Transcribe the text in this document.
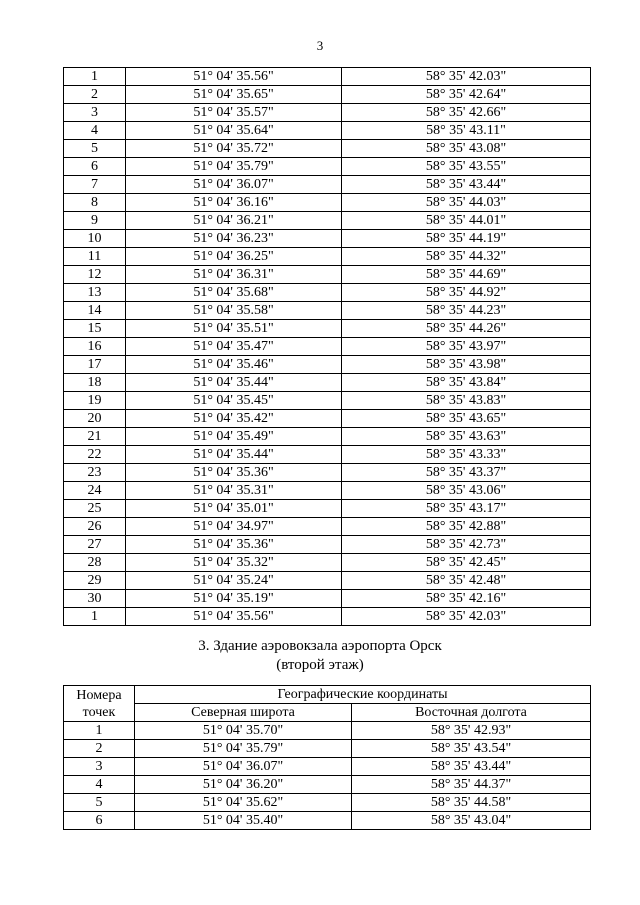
3
1	51° 04' 35.56"	58° 35' 42.03"
2	51° 04' 35.65"	58° 35' 42.64"
3	51° 04' 35.57"	58° 35' 42.66"
4	51° 04' 35.64"	58° 35' 43.11"
5	51° 04' 35.72"	58° 35' 43.08"
6	51° 04' 35.79"	58° 35' 43.55"
7	51° 04' 36.07"	58° 35' 43.44"
8	51° 04' 36.16"	58° 35' 44.03"
9	51° 04' 36.21"	58° 35' 44.01"
10	51° 04' 36.23"	58° 35' 44.19"
11	51° 04' 36.25"	58° 35' 44.32"
12	51° 04' 36.31"	58° 35' 44.69"
13	51° 04' 35.68"	58° 35' 44.92"
14	51° 04' 35.58"	58° 35' 44.23"
15	51° 04' 35.51"	58° 35' 44.26"
16	51° 04' 35.47"	58° 35' 43.97"
17	51° 04' 35.46"	58° 35' 43.98"
18	51° 04' 35.44"	58° 35' 43.84"
19	51° 04' 35.45"	58° 35' 43.83"
20	51° 04' 35.42"	58° 35' 43.65"
21	51° 04' 35.49"	58° 35' 43.63"
22	51° 04' 35.44"	58° 35' 43.33"
23	51° 04' 35.36"	58° 35' 43.37"
24	51° 04' 35.31"	58° 35' 43.06"
25	51° 04' 35.01"	58° 35' 43.17"
26	51° 04' 34.97"	58° 35' 42.88"
27	51° 04' 35.36"	58° 35' 42.73"
28	51° 04' 35.32"	58° 35' 42.45"
29	51° 04' 35.24"	58° 35' 42.48"
30	51° 04' 35.19"	58° 35' 42.16"
1	51° 04' 35.56"	58° 35' 42.03"
3. Здание аэровокзала аэропорта Орск
(второй этаж)
Номера
точек	Географические координаты	
	Северная широта	Восточная долгота
1	51° 04' 35.70"	58° 35' 42.93"
2	51° 04' 35.79"	58° 35' 43.54"
3	51° 04' 36.07"	58° 35' 43.44"
4	51° 04' 36.20"	58° 35' 44.37"
5	51° 04' 35.62"	58° 35' 44.58"
6	51° 04' 35.40"	58° 35' 43.04"
